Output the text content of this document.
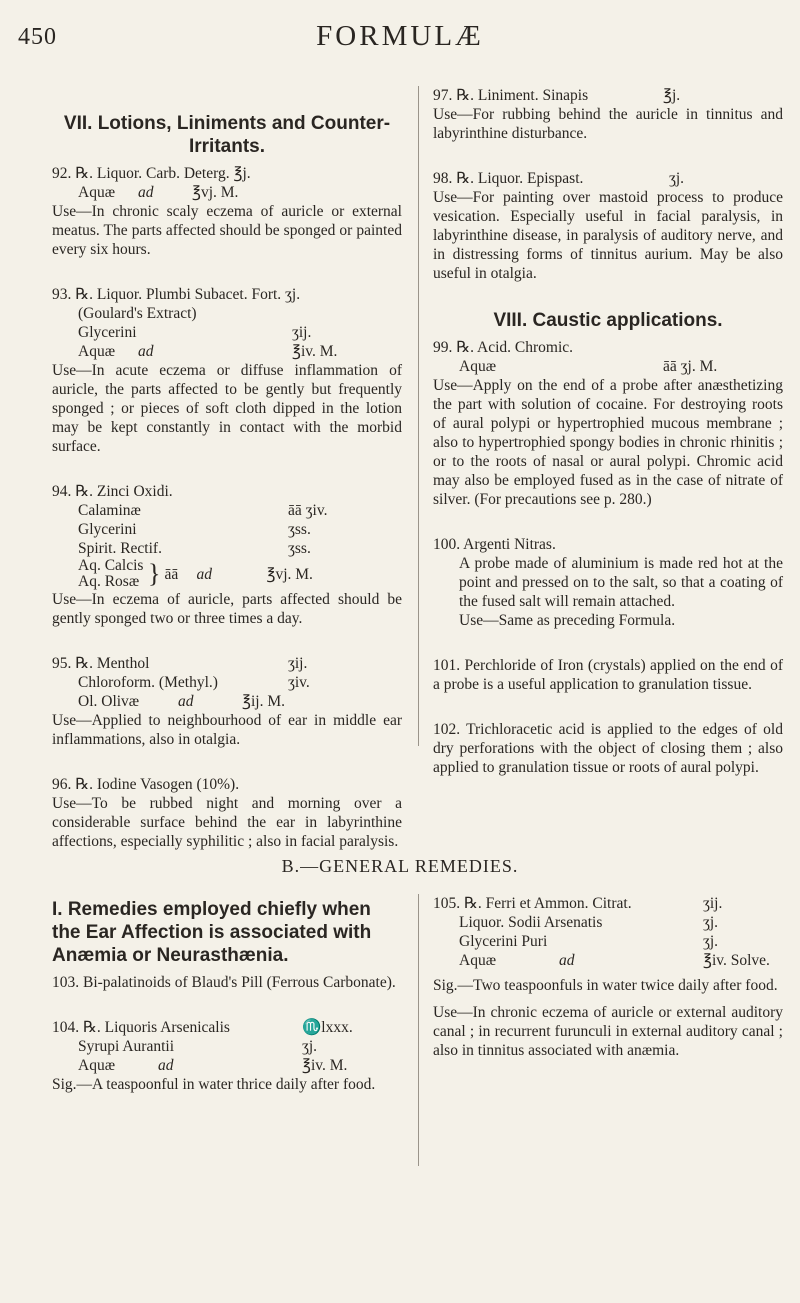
450	FORMULÆ
VII. Lotions, Liniments and Counter-Irritants.
92. ℞. Liquor. Carb. Deterg. ℥j.
Aquæ	ad	℥vj. M.
Use—In chronic scaly eczema of auricle or external meatus. The parts affected should be sponged or painted every six hours.
93. ℞. Liquor. Plumbi Subacet. Fort. ʒj.
(Goulard's Extract)
Glycerini	ʒij.
Aquæ	ad	℥iv. M.
Use—In acute eczema or diffuse inflammation of auricle, the parts affected to be gently but frequently sponged ; or pieces of soft cloth dipped in the lotion may be kept constantly in contact with the morbid surface.
94. ℞. Zinci Oxidi.
Calaminæ	āā ʒiv.
Glycerini	ʒss.
Spirit. Rectif.	ʒss.
Aq. Calcis
Aq. Rosæ } āā	ad	℥vj. M.
Use—In eczema of auricle, parts affected should be gently sponged two or three times a day.
95. ℞. Menthol	ʒij.
Chloroform. (Methyl.)	ʒiv.
Ol. Olivæ	ad	℥ij. M.
Use—Applied to neighbourhood of ear in middle ear inflammations, also in otalgia.
96. ℞. Iodine Vasogen (10%).
Use—To be rubbed night and morning over a considerable surface behind the ear in labyrinthine affections, especially syphilitic ; also in facial paralysis.
97. ℞. Liniment. Sinapis	℥j.
Use—For rubbing behind the auricle in tinnitus and labyrinthine disturbance.
98. ℞. Liquor. Epispast.	ʒj.
Use—For painting over mastoid process to produce vesication. Especially useful in facial paralysis, in labyrinthine disease, in paralysis of auditory nerve, and in distressing forms of tinnitus aurium. May be also useful in otalgia.
VIII. Caustic applications.
99. ℞. Acid. Chromic.
Aquæ	āā ʒj. M.
Use—Apply on the end of a probe after anæsthetizing the part with solution of cocaine. For destroying roots of aural polypi or hypertrophied mucous membrane ; also to hypertrophied spongy bodies in chronic rhinitis ; or to the roots of nasal or aural polypi. Chromic acid may also be employed fused as in the case of nitrate of silver. (For precautions see p. 280.)
100. Argenti Nitras.
A probe made of aluminium is made red hot at the point and pressed on to the salt, so that a coating of the fused salt will remain attached.
Use—Same as preceding Formula.
101. Perchloride of Iron (crystals) applied on the end of a probe is a useful application to granulation tissue.
102. Trichloracetic acid is applied to the edges of old dry perforations with the object of closing them ; also applied to granulation tissue or roots of aural polypi.
B.—GENERAL REMEDIES.
I. Remedies employed chiefly when the Ear Affection is associated with Anæmia or Neurasthænia.
103. Bi-palatinoids of Blaud's Pill (Ferrous Carbonate).
104. ℞. Liquoris Arsenicalis	♏lxxx.
Syrupi Aurantii	ʒj.
Aquæ	ad	℥iv. M.
Sig.—A teaspoonful in water thrice daily after food.
105. ℞. Ferri et Ammon. Citrat.	ʒij.
Liquor. Sodii Arsenatis	ʒj.
Glycerini Puri	ʒj.
Aquæ	ad	℥iv. Solve.
Sig.—Two teaspoonfuls in water twice daily after food.
Use—In chronic eczema of auricle or external auditory canal ; in recurrent furunculi in external auditory canal ; also in tinnitus associated with anæmia.
